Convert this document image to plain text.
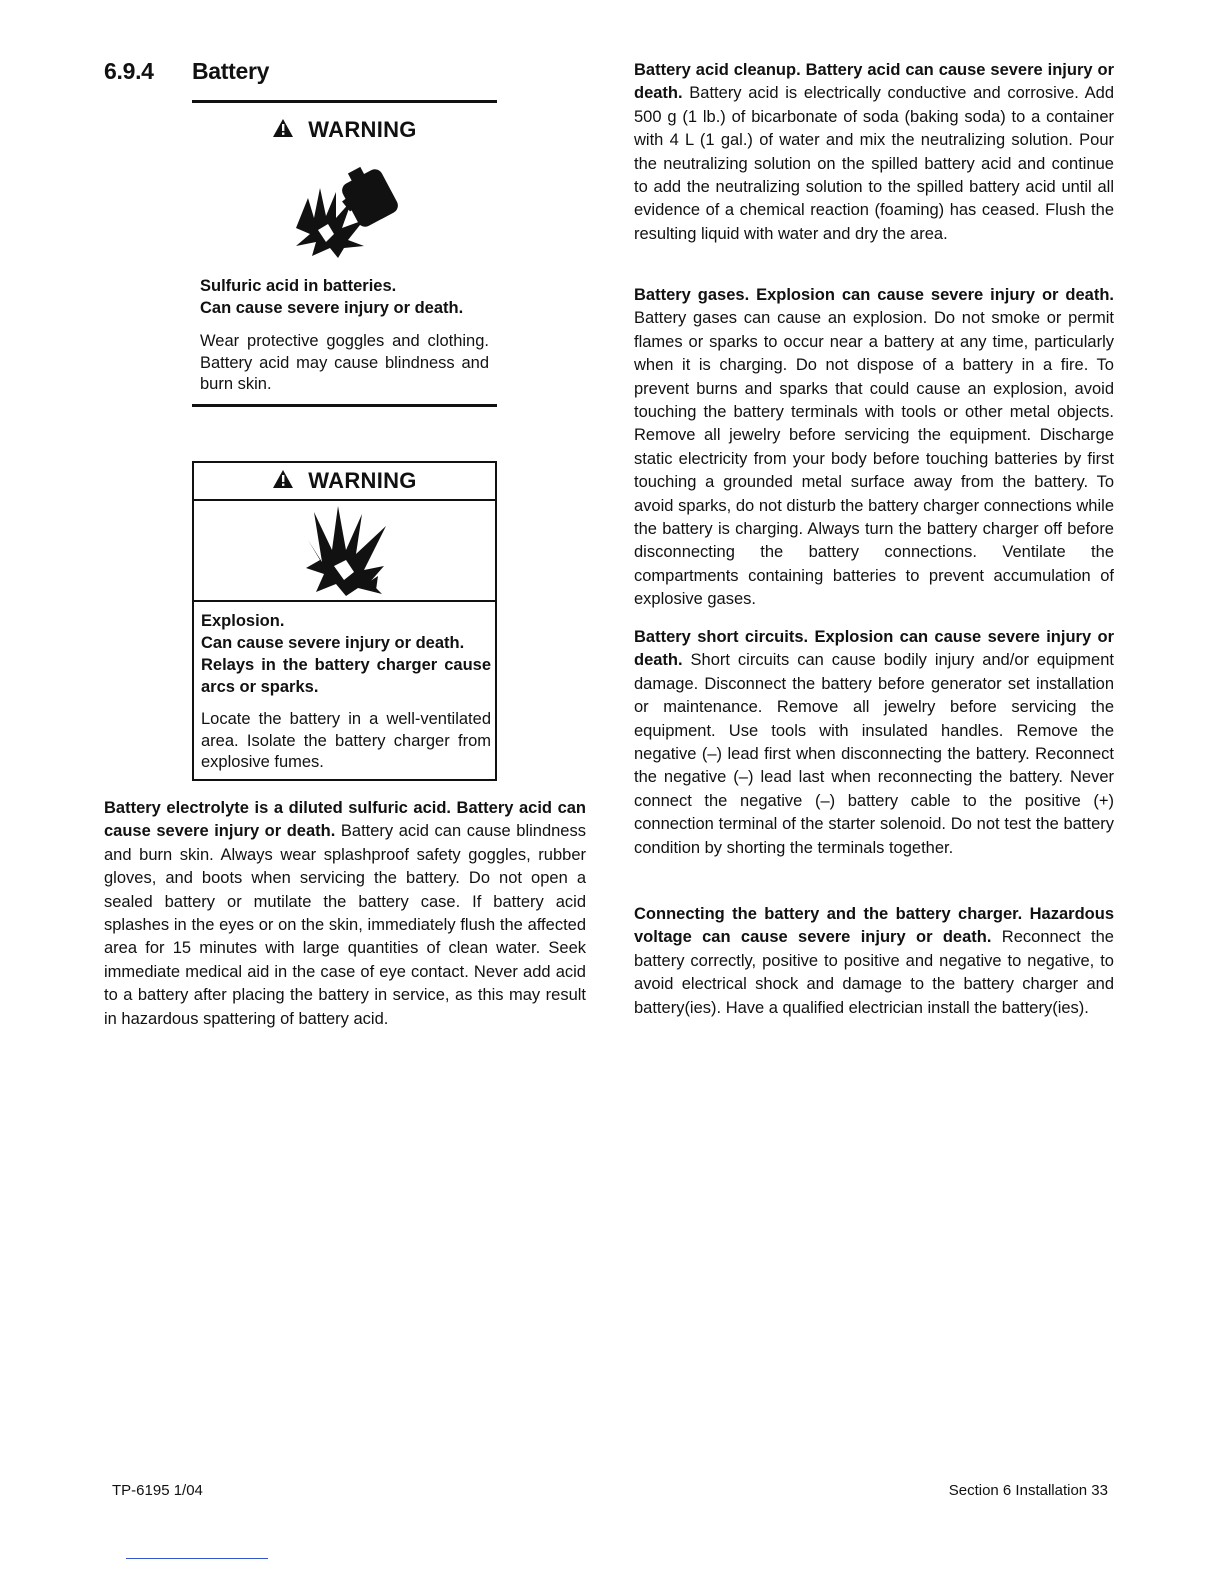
6.9.4 Battery
WARNING
Sulfuric acid in batteries.
Can cause severe injury or death.
Wear protective goggles and clothing. Battery acid may cause blindness and burn skin.
WARNING
Explosion.
Can cause severe injury or death.
Relays in the battery charger cause arcs or sparks.
Locate the battery in a well-ventilated area. Isolate the battery charger from explosive fumes.
Battery electrolyte is a diluted sulfuric acid. Battery acid can cause severe injury or death. Battery acid can cause blindness and burn skin. Always wear splashproof safety goggles, rubber gloves, and boots when servicing the battery. Do not open a sealed battery or mutilate the battery case. If battery acid splashes in the eyes or on the skin, immediately flush the affected area for 15 minutes with large quantities of clean water. Seek immediate medical aid in the case of eye contact. Never add acid to a battery after placing the battery in service, as this may result in hazardous spattering of battery acid.
Battery acid cleanup. Battery acid can cause severe injury or death. Battery acid is electrically conductive and corrosive. Add 500 g (1 lb.) of bicarbonate of soda (baking soda) to a container with 4 L (1 gal.) of water and mix the neutralizing solution. Pour the neutralizing solution on the spilled battery acid and continue to add the neutralizing solution to the spilled battery acid until all evidence of a chemical reaction (foaming) has ceased. Flush the resulting liquid with water and dry the area.
Battery gases. Explosion can cause severe injury or death. Battery gases can cause an explosion. Do not smoke or permit flames or sparks to occur near a battery at any time, particularly when it is charging. Do not dispose of a battery in a fire. To prevent burns and sparks that could cause an explosion, avoid touching the battery terminals with tools or other metal objects. Remove all jewelry before servicing the equipment. Discharge static electricity from your body before touching batteries by first touching a grounded metal surface away from the battery. To avoid sparks, do not disturb the battery charger connections while the battery is charging. Always turn the battery charger off before disconnecting the battery connections. Ventilate the compartments containing batteries to prevent accumulation of explosive gases.
Battery short circuits. Explosion can cause severe injury or death. Short circuits can cause bodily injury and/or equipment damage. Disconnect the battery before generator set installation or maintenance. Remove all jewelry before servicing the equipment. Use tools with insulated handles. Remove the negative (–) lead first when disconnecting the battery. Reconnect the negative (–) lead last when reconnecting the battery. Never connect the negative (–) battery cable to the positive (+) connection terminal of the starter solenoid. Do not test the battery condition by shorting the terminals together.
Connecting the battery and the battery charger. Hazardous voltage can cause severe injury or death. Reconnect the battery correctly, positive to positive and negative to negative, to avoid electrical shock and damage to the battery charger and battery(ies). Have a qualified electrician install the battery(ies).
TP-6195 1/04	Section 6 Installation 33
